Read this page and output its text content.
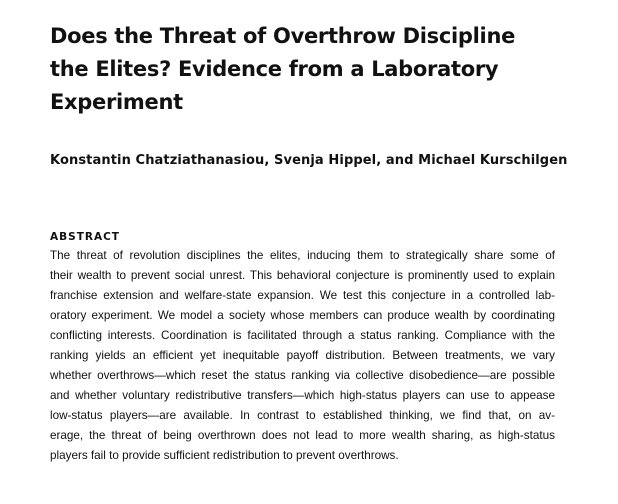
Does the Threat of Overthrow Discipline
the Elites? Evidence from a Laboratory
Experiment
Konstantin Chatziathanasiou, Svenja Hippel, and Michael Kurschilgen
ABSTRACT
The threat of revolution disciplines the elites, inducing them to strategically share some of
their wealth to prevent social unrest. This behavioral conjecture is prominently used to explain
franchise extension and welfare-state expansion. We test this conjecture in a controlled lab-
oratory experiment. We model a society whose members can produce wealth by coordinating
conflicting interests. Coordination is facilitated through a status ranking. Compliance with the
ranking yields an efficient yet inequitable payoff distribution. Between treatments, we vary
whether overthrows—which reset the status ranking via collective disobedience—are possible
and whether voluntary redistributive transfers—which high-status players can use to appease
low-status players—are available. In contrast to established thinking, we find that, on av-
erage, the threat of being overthrown does not lead to more wealth sharing, as high-status
players fail to provide sufficient redistribution to prevent overthrows.
